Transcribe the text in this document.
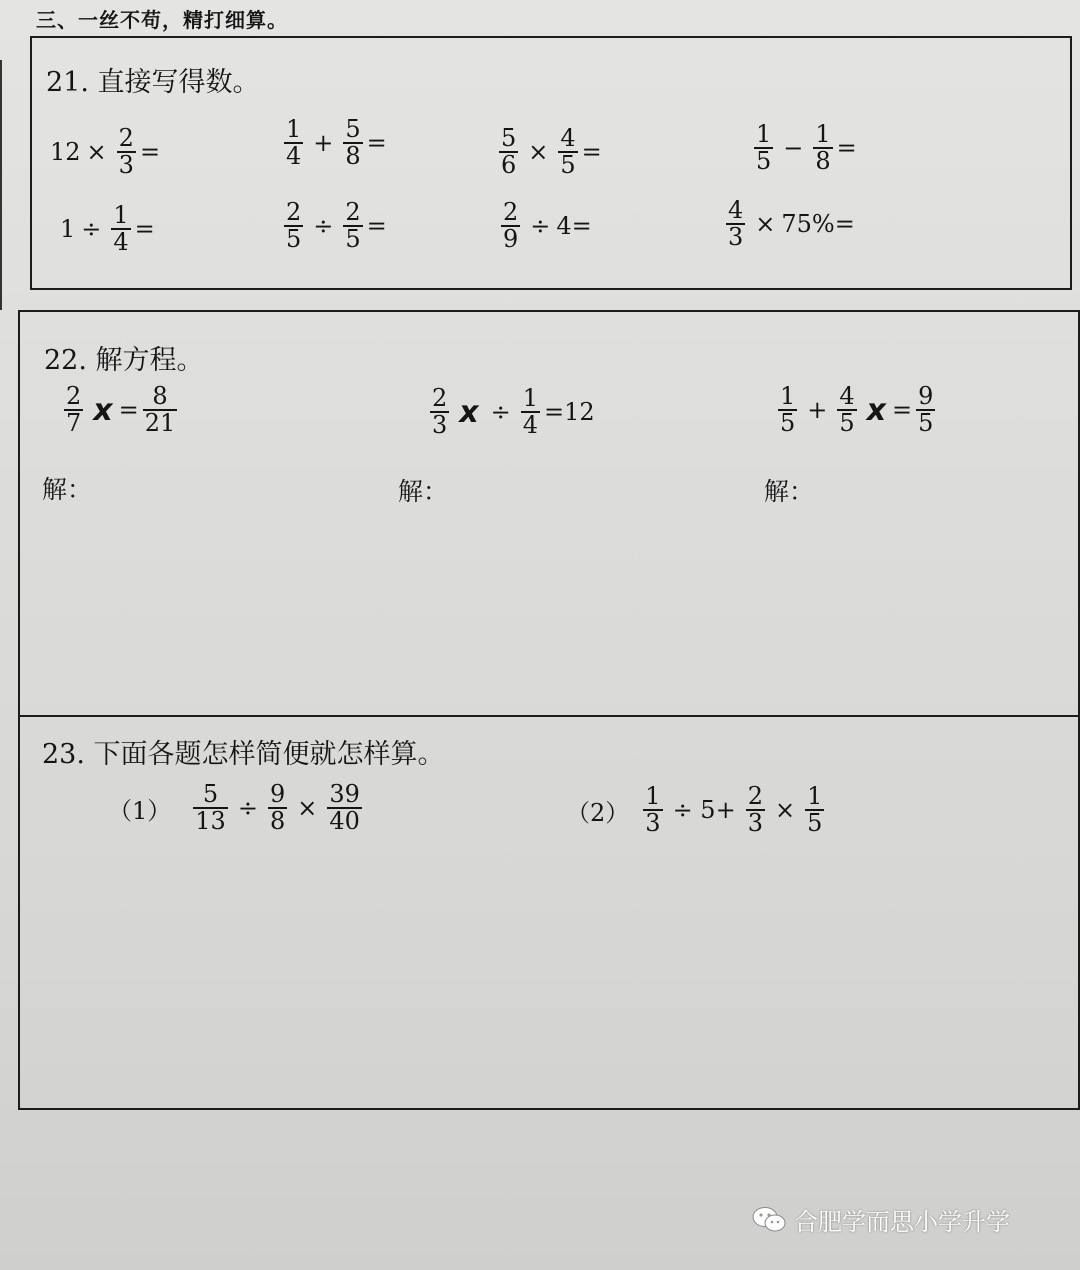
三、一丝不苟，精打细算。
21. 直接写得数。
$12 \times \frac{2}{3}$ =	$\frac{1}{4} + \frac{5}{8}$ =	$\frac{5}{6} \times \frac{4}{5}$ =	$\frac{1}{5} - \frac{1}{8}$ =
$1 \div \frac{1}{4}$ =	$\frac{2}{5} \div \frac{2}{5}$ =	$\frac{2}{9} \div 4$ =	$\frac{4}{3} \times 75\%$ =
22. 解方程。
$\frac{2}{7}$ $x = \frac{8}{21}$	$\frac{2}{3}$ $x \div \frac{1}{4} =12$	$\frac{1}{5} + \frac{4}{5}$ $x = \frac{9}{5}$
解：	解：	解：
23. 下面各题怎样简便就怎样算。
$(1) \frac{5}{13} \div \frac{9}{8} \times \frac{39}{40}$	$(2) \frac{1}{3} \div 5+ \frac{2}{3} \times \frac{1}{5}$
合肥学而思小学升学
